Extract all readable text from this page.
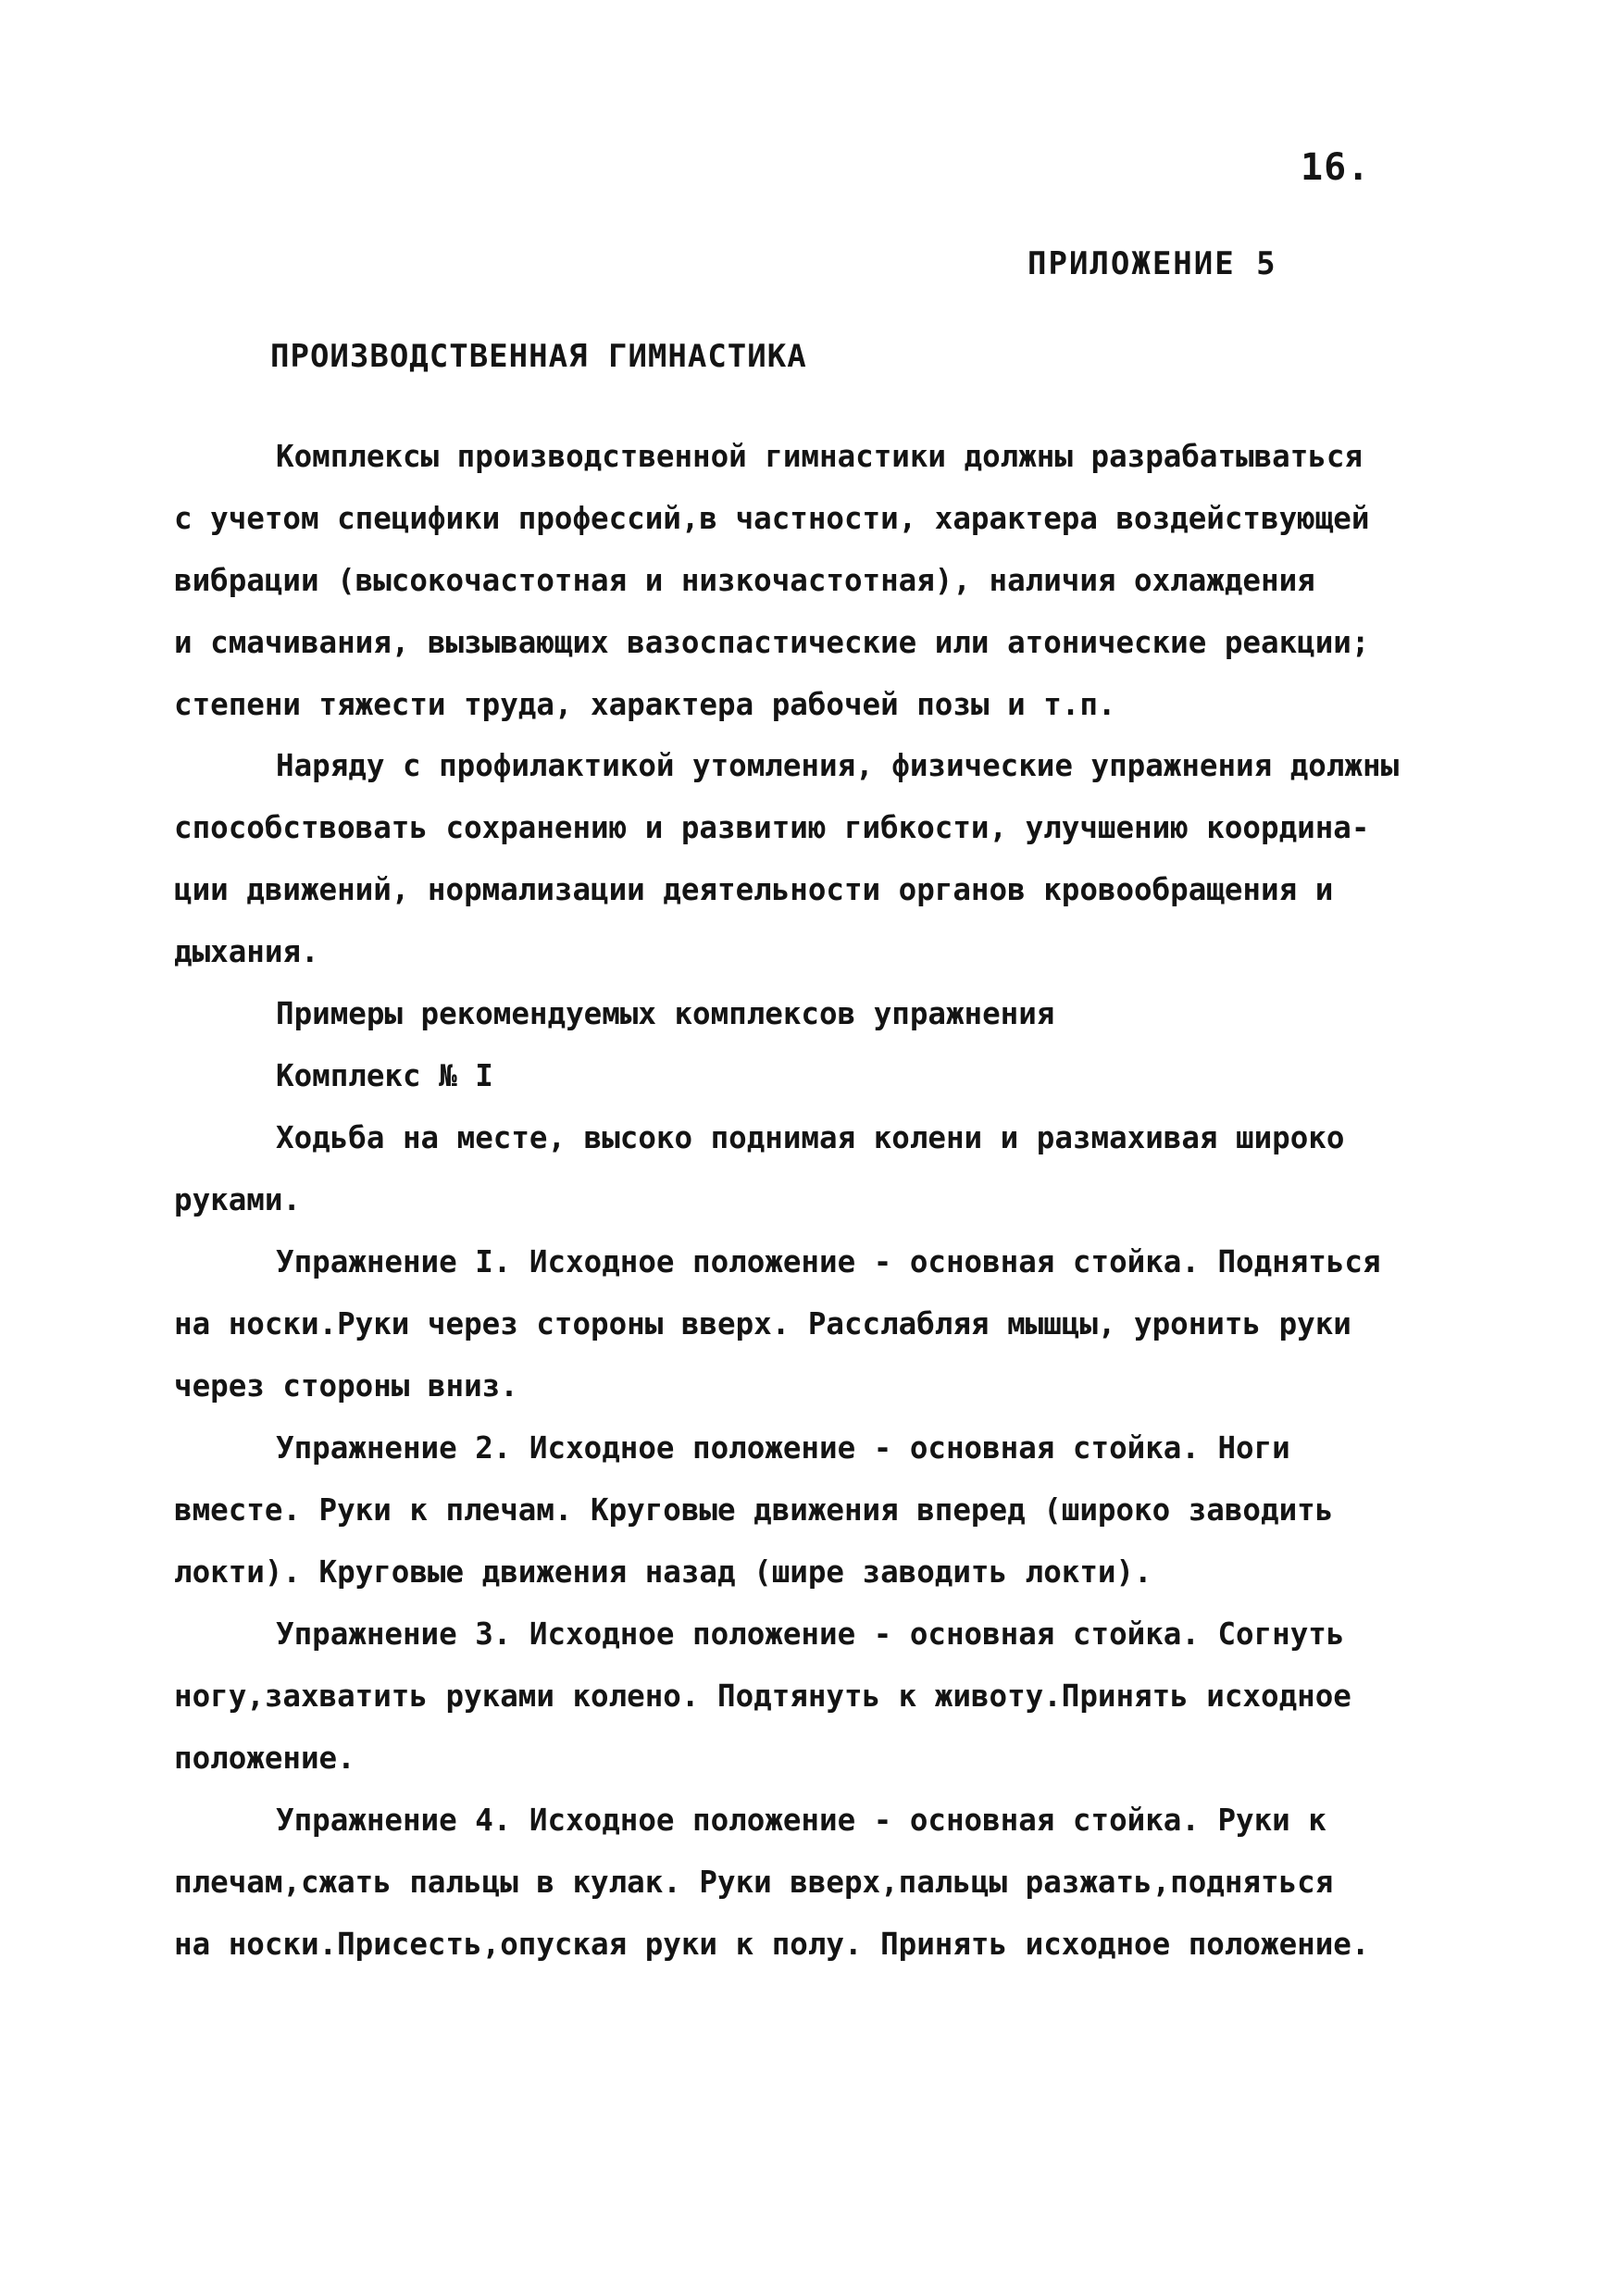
16.
ПРИЛОЖЕНИЕ 5
ПРОИЗВОДСТВЕННАЯ ГИМНАСТИКА
Комплексы производственной гимнастики должны разрабатываться
с учетом специфики профессий,в частности, характера воздействующей
вибрации (высокочастотная и низкочастотная), наличия охлаждения
и смачивания, вызывающих вазоспастические или атонические реакции;
степени тяжести труда, характера рабочей позы и т.п.
Наряду с профилактикой утомления, физические упражнения должны
способствовать сохранению и развитию гибкости, улучшению координа-
ции движений, нормализации деятельности органов кровообращения и
дыхания.
Примеры рекомендуемых комплексов упражнения
Комплекс № I
Ходьба на месте, высоко поднимая колени и размахивая широко
руками.
Упражнение I. Исходное положение - основная стойка. Подняться
на носки.Руки через стороны вверх. Расслабляя мышцы, уронить руки
через стороны вниз.
Упражнение 2. Исходное положение - основная стойка. Ноги
вместе. Руки к плечам. Круговые движения вперед (широко заводить
локти). Круговые движения назад (шире заводить локти).
Упражнение 3. Исходное положение - основная стойка. Согнуть
ногу,захватить руками колено. Подтянуть к животу.Принять исходное
положение.
Упражнение 4. Исходное положение - основная стойка. Руки к
плечам,сжать пальцы в кулак. Руки вверх,пальцы разжать,подняться
на носки.Присесть,опуская руки к полу. Принять исходное положение.
